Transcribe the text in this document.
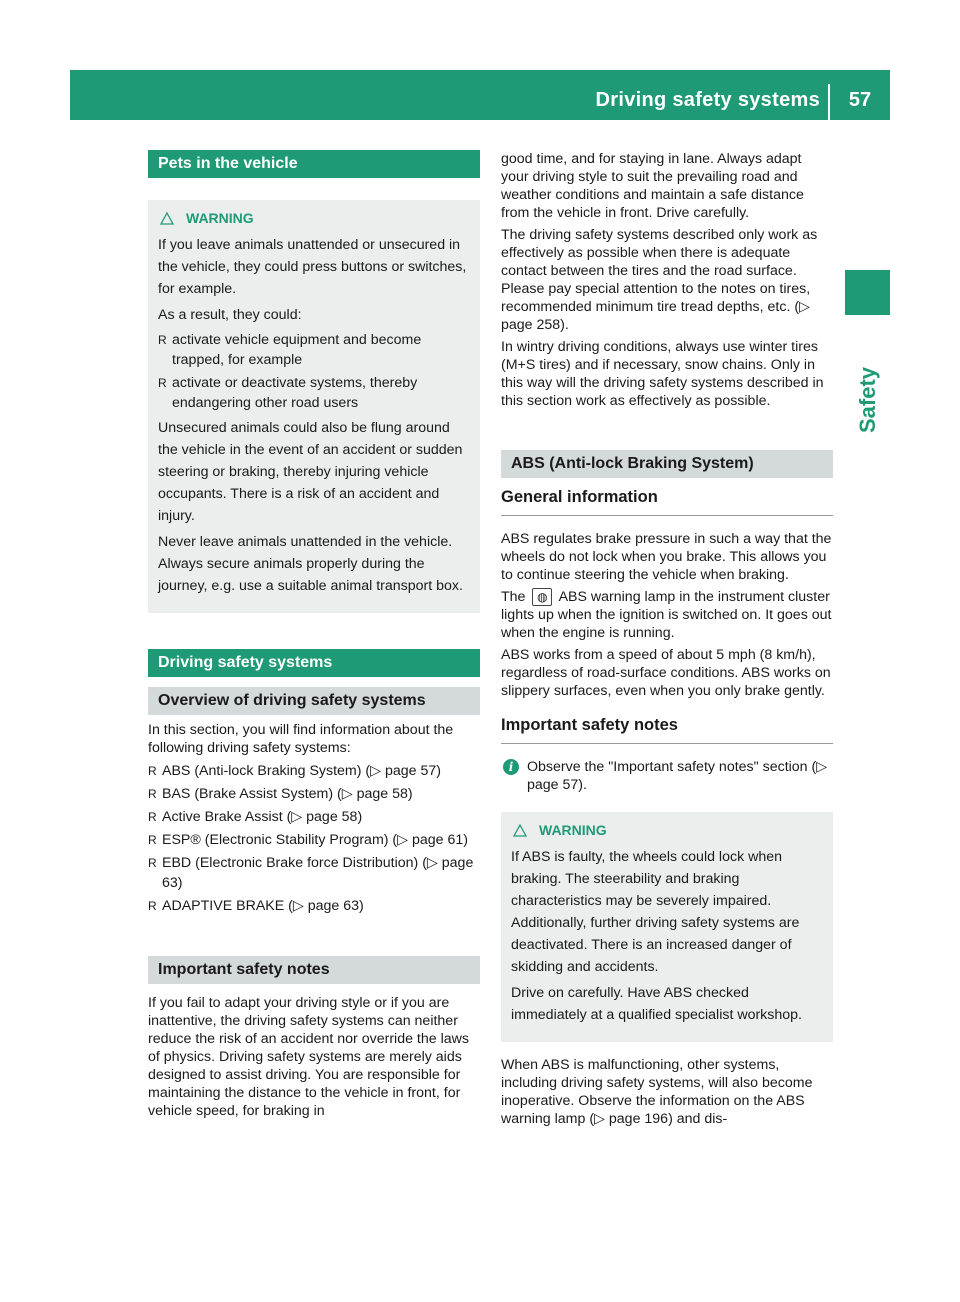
Driving safety systems	57
Safety
Pets in the vehicle
WARNING

If you leave animals unattended or unsecured in the vehicle, they could press buttons or switches, for example.

As a result, they could:

R activate vehicle equipment and become trapped, for example
R activate or deactivate systems, thereby endangering other road users

Unsecured animals could also be flung around the vehicle in the event of an accident or sudden steering or braking, thereby injuring vehicle occupants. There is a risk of an accident and injury.

Never leave animals unattended in the vehicle. Always secure animals properly during the journey, e.g. use a suitable animal transport box.

Driving safety systems
Overview of driving safety systems

In this section, you will find information about the following driving safety systems:

R ABS (Anti-lock Braking System) (▷ page 57)
R BAS (Brake Assist System) (▷ page 58)
R Active Brake Assist (▷ page 58)
R ESP® (Electronic Stability Program) (▷ page 61)
R EBD (Electronic Brake force Distribution) (▷ page 63)
R ADAPTIVE BRAKE (▷ page 63)
Important safety notes

If you fail to adapt your driving style or if you are inattentive, the driving safety systems can neither reduce the risk of an accident nor override the laws of physics. Driving safety systems are merely aids designed to assist driving. You are responsible for maintaining the distance to the vehicle in front, for vehicle speed, for braking in

good time, and for staying in lane. Always adapt your driving style to suit the prevailing road and weather conditions and maintain a safe distance from the vehicle in front. Drive carefully.

The driving safety systems described only work as effectively as possible when there is adequate contact between the tires and the road surface. Please pay special attention to the notes on tires, recommended minimum tire tread depths, etc. (▷ page 258).

In wintry driving conditions, always use winter tires (M+S tires) and if necessary, snow chains. Only in this way will the driving safety systems described in this section work as effectively as possible.

ABS (Anti-lock Braking System)
General information

ABS regulates brake pressure in such a way that the wheels do not lock when you brake. This allows you to continue steering the vehicle when braking.

The ◍ ABS warning lamp in the instrument cluster lights up when the ignition is switched on. It goes out when the engine is running.

ABS works from a speed of about 5 mph (8 km/h), regardless of road-surface conditions. ABS works on slippery surfaces, even when you only brake gently.

Important safety notes

i Observe the "Important safety notes" section (▷ page 57).

WARNING

If ABS is faulty, the wheels could lock when braking. The steerability and braking characteristics may be severely impaired. Additionally, further driving safety systems are deactivated. There is an increased danger of skidding and accidents.

Drive on carefully. Have ABS checked immediately at a qualified specialist workshop.

When ABS is malfunctioning, other systems, including driving safety systems, will also become inoperative. Observe the information on the ABS warning lamp (▷ page 196) and dis-
